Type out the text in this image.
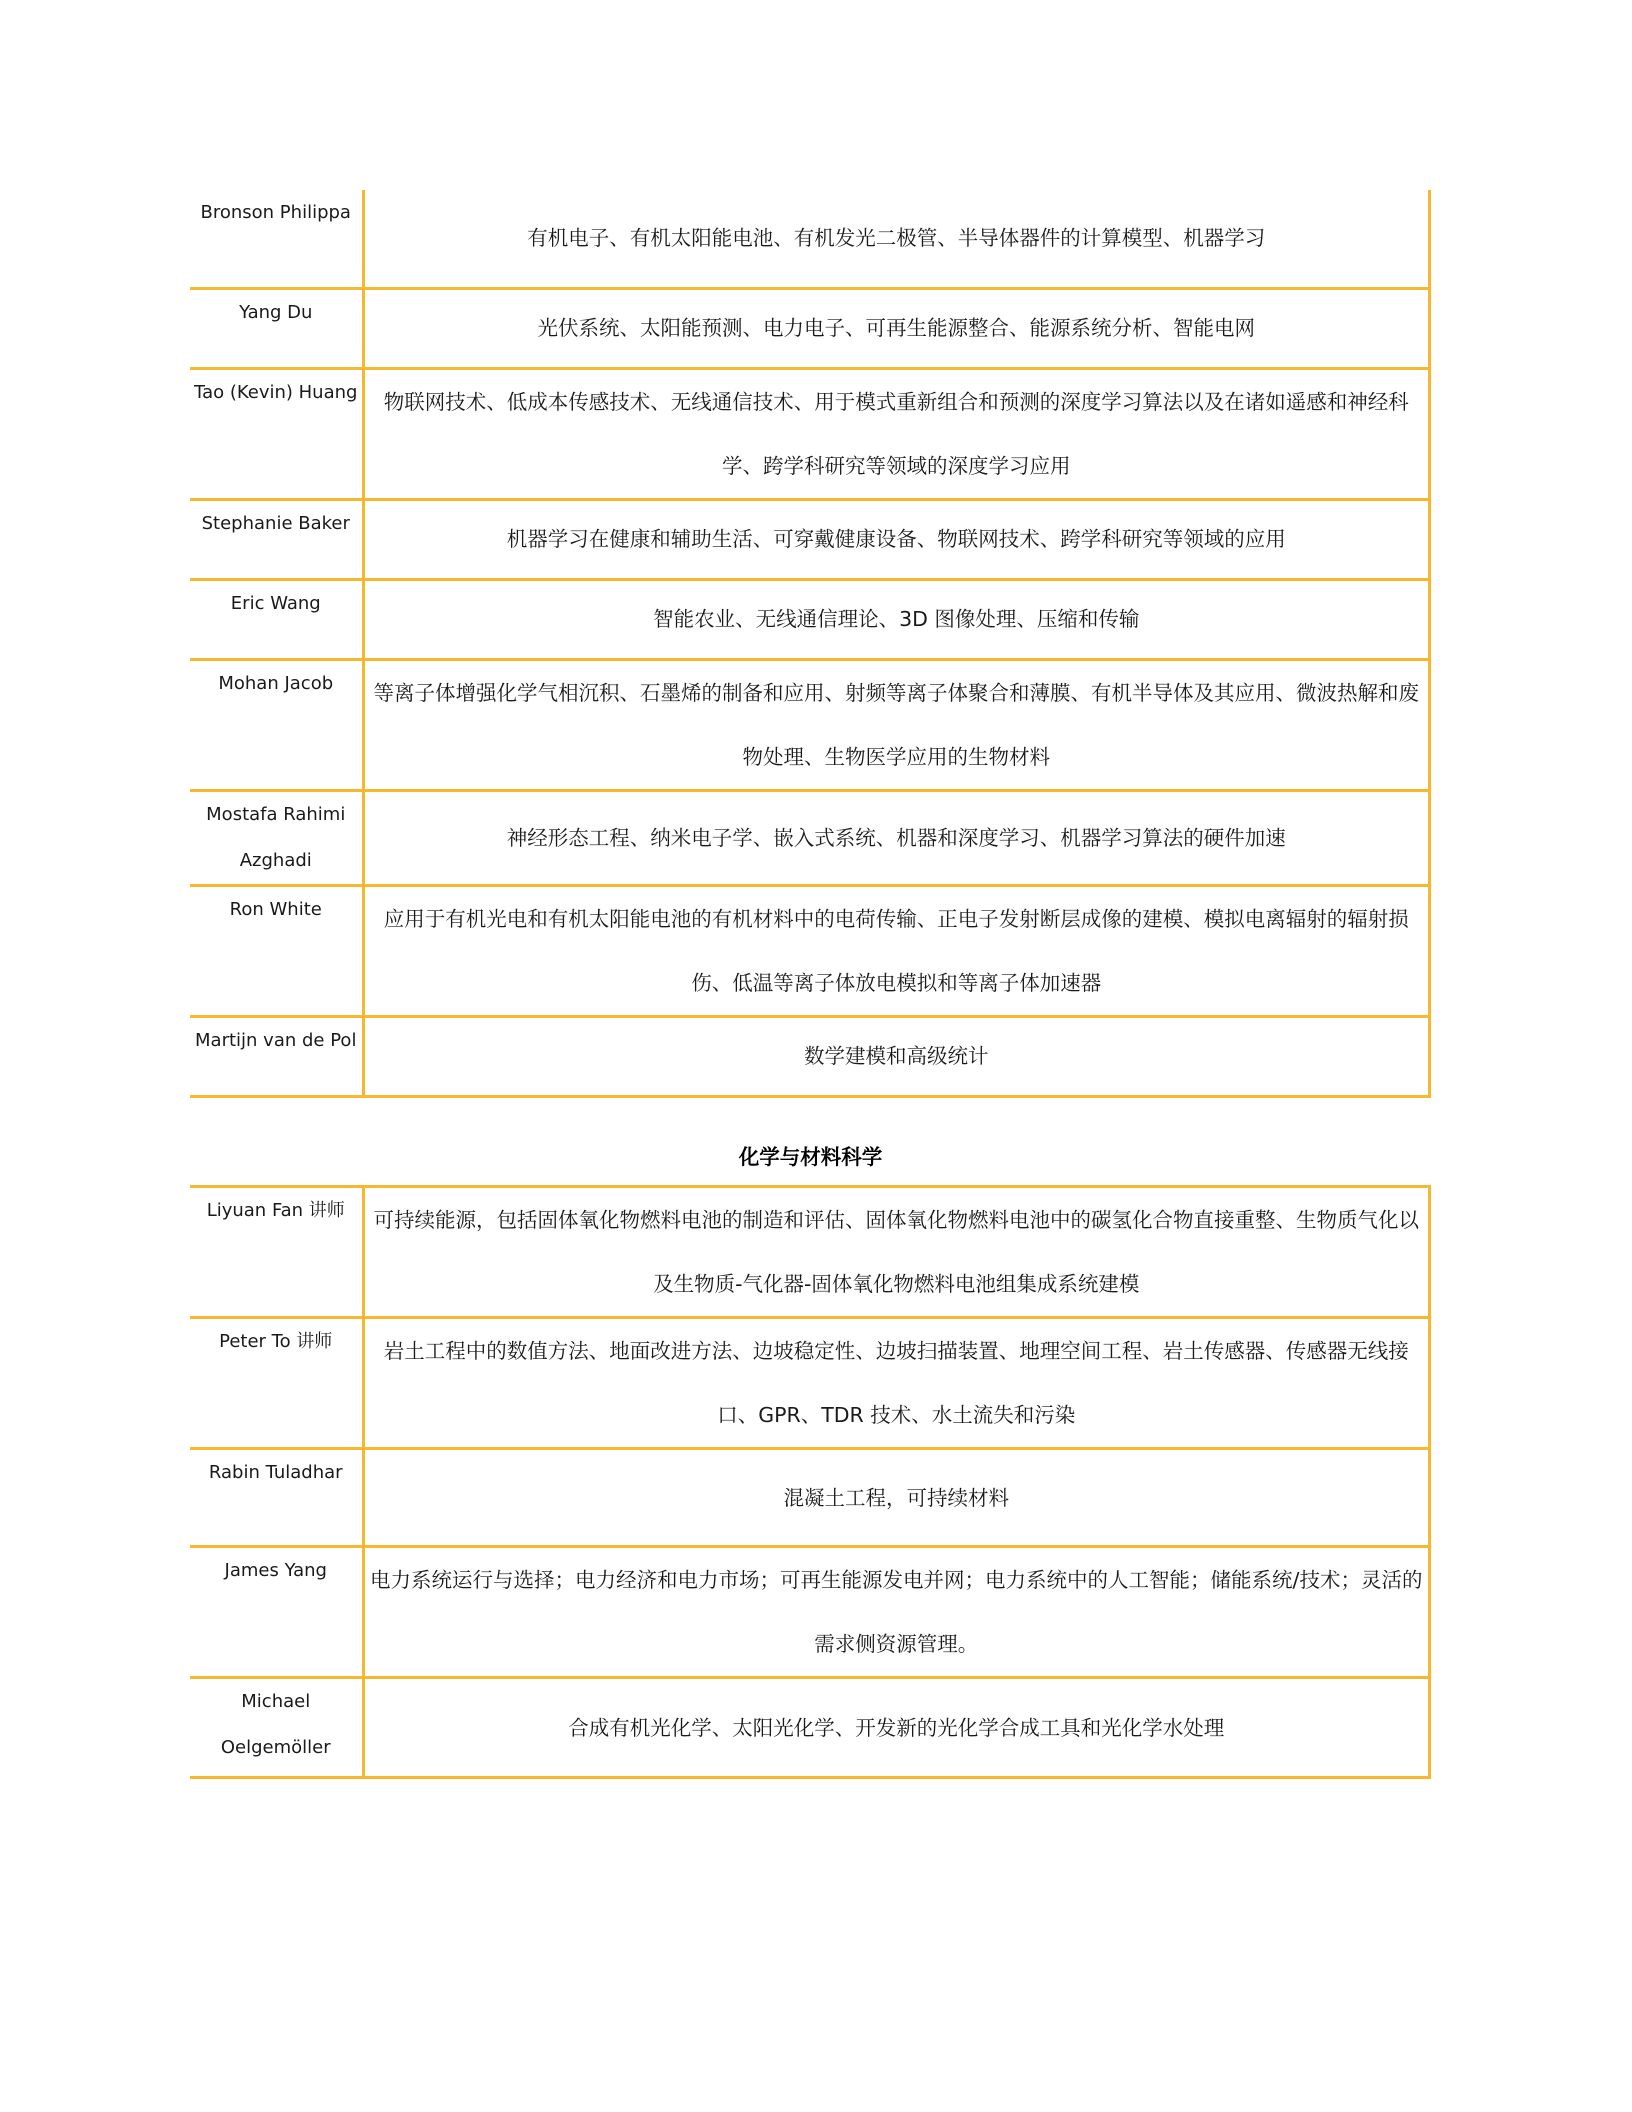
Bronson Philippa	有机电子、有机太阳能电池、有机发光二极管、半导体器件的计算模型、机器学习
Yang Du	光伏系统、太阳能预测、电力电子、可再生能源整合、能源系统分析、智能电网
Tao (Kevin) Huang	物联网技术、低成本传感技术、无线通信技术、用于模式重新组合和预测的深度学习算法以及在诸如遥感和神经科学、跨学科研究等领域的深度学习应用
Stephanie Baker	机器学习在健康和辅助生活、可穿戴健康设备、物联网技术、跨学科研究等领域的应用
Eric Wang	智能农业、无线通信理论、3D 图像处理、压缩和传输
Mohan Jacob	等离子体增强化学气相沉积、石墨烯的制备和应用、射频等离子体聚合和薄膜、有机半导体及其应用、微波热解和废物处理、生物医学应用的生物材料
Mostafa Rahimi Azghadi	神经形态工程、纳米电子学、嵌入式系统、机器和深度学习、机器学习算法的硬件加速
Ron White	应用于有机光电和有机太阳能电池的有机材料中的电荷传输、正电子发射断层成像的建模、模拟电离辐射的辐射损伤、低温等离子体放电模拟和等离子体加速器
Martijn van de Pol	数学建模和高级统计
化学与材料科学
Liyuan Fan 讲师	可持续能源，包括固体氧化物燃料电池的制造和评估、固体氧化物燃料电池中的碳氢化合物直接重整、生物质气化以及生物质-气化器-固体氧化物燃料电池组集成系统建模
Peter To 讲师	岩土工程中的数值方法、地面改进方法、边坡稳定性、边坡扫描装置、地理空间工程、岩土传感器、传感器无线接口、GPR、TDR 技术、水土流失和污染
Rabin Tuladhar	混凝土工程，可持续材料
James Yang	电力系统运行与选择；电力经济和电力市场；可再生能源发电并网；电力系统中的人工智能；储能系统/技术；灵活的需求侧资源管理。
Michael Oelgemöller	合成有机光化学、太阳光化学、开发新的光化学合成工具和光化学水处理
